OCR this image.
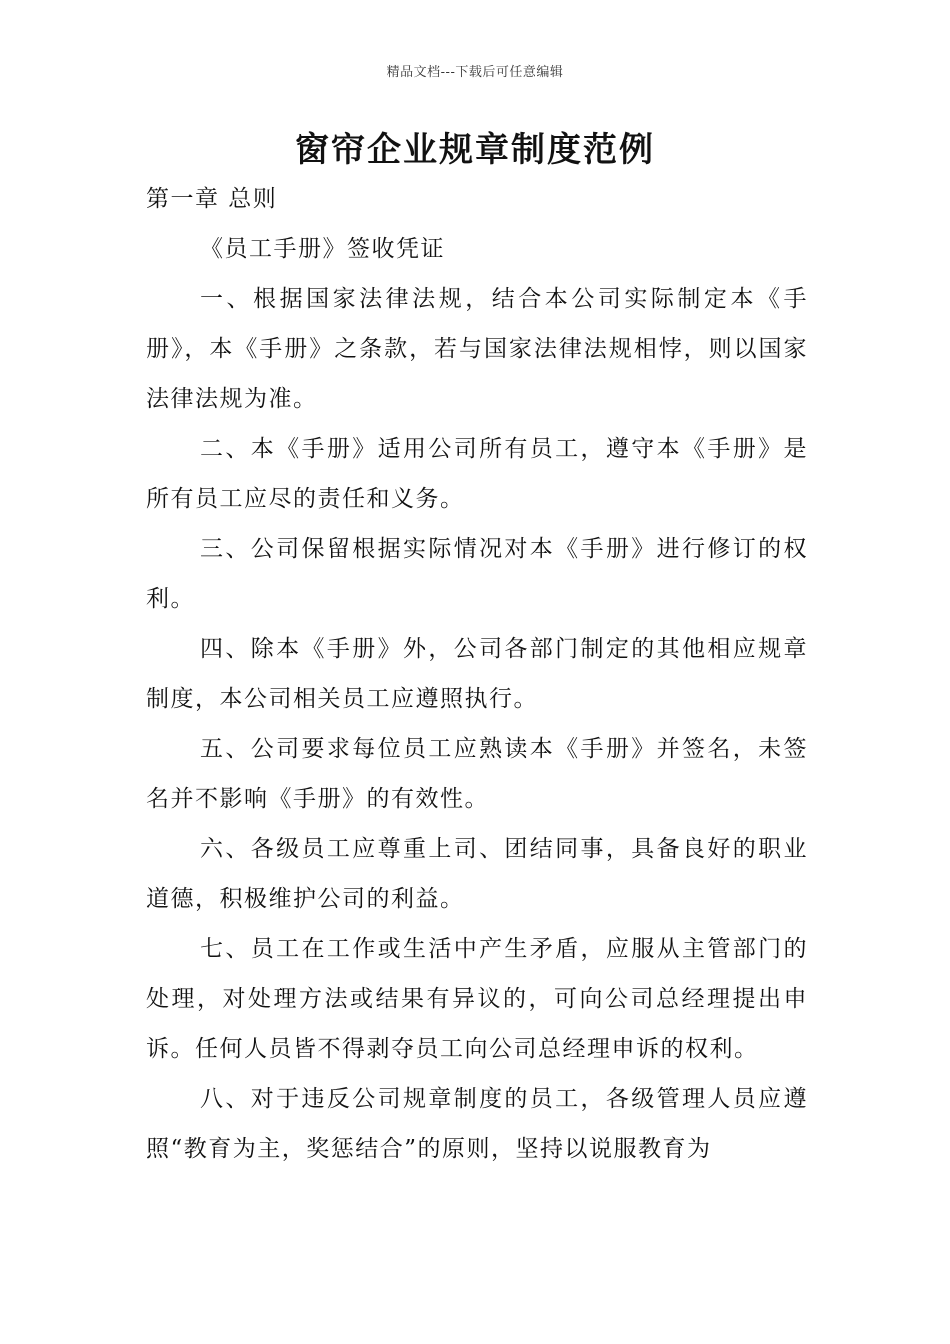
精品文档---下载后可任意编辑
窗帘企业规章制度范例

第一章 总则

《员工手册》签收凭证

一、根据国家法律法规，结合本公司实际制定本《手册》，本《手册》之条款，若与国家法律法规相悖，则以国家法律法规为准。

二、本《手册》适用公司所有员工，遵守本《手册》是所有员工应尽的责任和义务。

三、公司保留根据实际情况对本《手册》进行修订的权利。

四、除本《手册》外，公司各部门制定的其他相应规章制度，本公司相关员工应遵照执行。

五、公司要求每位员工应熟读本《手册》并签名，未签名并不影响《手册》的有效性。

六、各级员工应尊重上司、团结同事，具备良好的职业道德，积极维护公司的利益。

七、员工在工作或生活中产生矛盾，应服从主管部门的处理，对处理方法或结果有异议的，可向公司总经理提出申诉。任何人员皆不得剥夺员工向公司总经理申诉的权利。

八、对于违反公司规章制度的员工，各级管理人员应遵照“教育为主，奖惩结合”的原则，坚持以说服教育为
